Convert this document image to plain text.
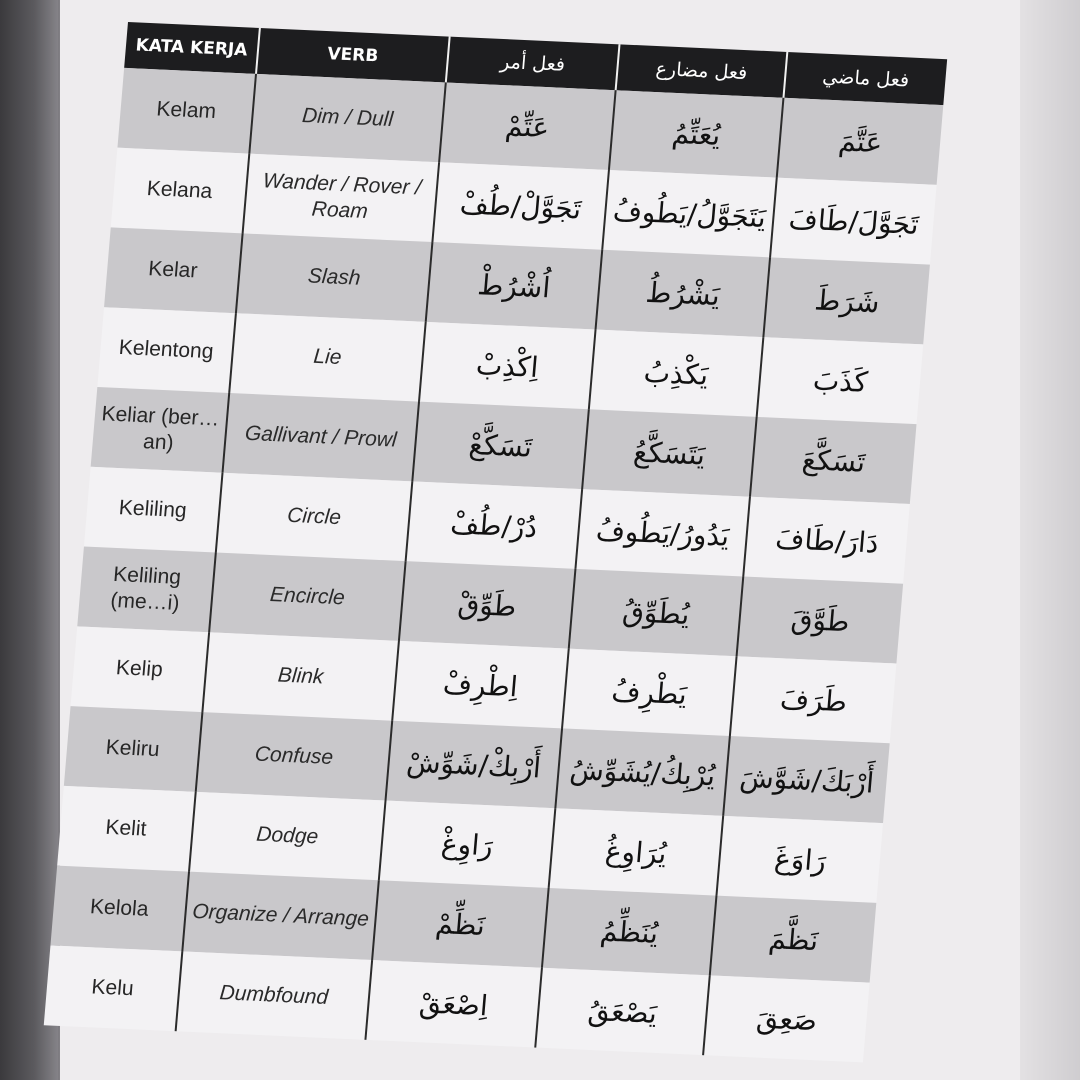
KATA KERJA	VERB	فعل أمر	فعل مضارع	فعل ماضي
Kelam	Dim / Dull	عَتِّمْ	يُعَتِّمُ	عَتَّمَ
Kelana	Wander / Rover / Roam	تَجَوَّلْ/طُفْ	يَتَجَوَّلُ/يَطُوفُ	تَجَوَّلَ/طَافَ
Kelar	Slash	اُشْرُطْ	يَشْرُطُ	شَرَطَ
Kelentong	Lie	اِكْذِبْ	يَكْذِبُ	كَذَبَ
Keliar (ber… an)	Gallivant / Prowl	تَسَكَّعْ	يَتَسَكَّعُ	تَسَكَّعَ
Keliling	Circle	دُرْ/طُفْ	يَدُورُ/يَطُوفُ	دَارَ/طَافَ
Keliling (me…i)	Encircle	طَوِّقْ	يُطَوِّقُ	طَوَّقَ
Kelip	Blink	اِطْرِفْ	يَطْرِفُ	طَرَفَ
Keliru	Confuse	أَرْبِكْ/شَوِّشْ	يُرْبِكُ/يُشَوِّشُ	أَرْبَكَ/شَوَّشَ
Kelit	Dodge	رَاوِغْ	يُرَاوِغُ	رَاوَغَ
Kelola	Organize / Arrange	نَظِّمْ	يُنَظِّمُ	نَظَّمَ
Kelu	Dumbfound	اِصْعَقْ	يَصْعَقُ	صَعِقَ
